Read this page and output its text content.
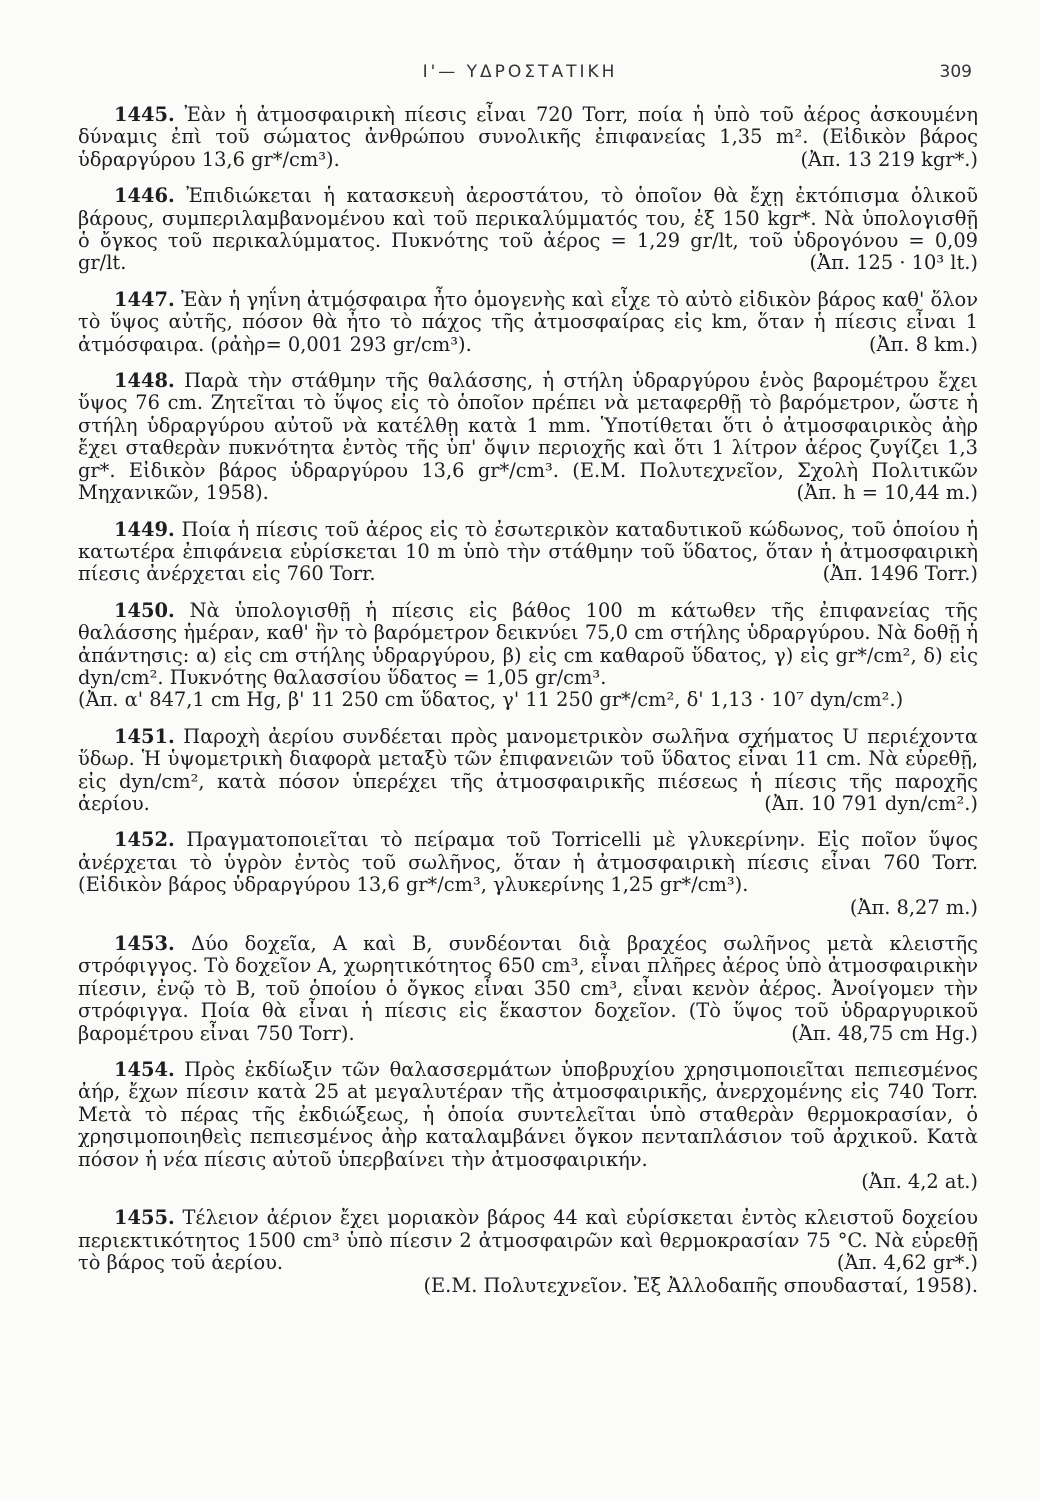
Ι'— ΥΔΡΟΣΤΑΤΙΚΗ	309
1445. Ἐὰν ἡ ἀτμοσφαιρικὴ πίεσις εἶναι 720 Torr, ποία ἡ ὑπὸ τοῦ ἀέρος ἀσκουμένη δύναμις ἐπὶ τοῦ σώματος ἀνθρώπου συνολικῆς ἐπιφανείας 1,35 m². (Εἰδικὸν βάρος ὑδραργύρου 13,6 gr*/cm³).	(Ἀπ. 13 219 kgr*.)
1446. Ἐπιδιώκεται ἡ κατασκευὴ ἀεροστάτου, τὸ ὁποῖον θὰ ἔχῃ ἐκτόπισμα ὁλικοῦ βάρους, συμπεριλαμβανομένου καὶ τοῦ περικαλύμματός του, ἐξ 150 kgr*. Νὰ ὑπολογισθῇ ὁ ὄγκος τοῦ περικαλύμματος. Πυκνότης τοῦ ἀέρος = 1,29 gr/lt, τοῦ ὑδρογόνου = 0,09 gr/lt.	(Ἀπ. 125 · 10³ lt.)
1447. Ἐὰν ἡ γηΐνη ἀτμόσφαιρα ἦτο ὁμογενὴς καὶ εἶχε τὸ αὐτὸ εἰδικὸν βάρος καθ' ὅλον τὸ ὕψος αὐτῆς, πόσον θὰ ἦτο τὸ πάχος τῆς ἀτμοσφαίρας εἰς km, ὅταν ἡ πίεσις εἶναι 1 ἀτμόσφαιρα. (ρἀὴρ= 0,001 293 gr/cm³).	(Ἀπ. 8 km.)
1448. Παρὰ τὴν στάθμην τῆς θαλάσσης, ἡ στήλη ὑδραργύρου ἑνὸς βαρομέτρου ἔχει ὕψος 76 cm. Ζητεῖται τὸ ὕψος εἰς τὸ ὁποῖον πρέπει νὰ μεταφερθῇ τὸ βαρόμετρον, ὥστε ἡ στήλη ὑδραργύρου αὐτοῦ νὰ κατέλθῃ κατὰ 1 mm. Ὑποτίθεται ὅτι ὁ ἀτμοσφαιρικὸς ἀὴρ ἔχει σταθερὰν πυκνότητα ἐντὸς τῆς ὑπ' ὄψιν περιοχῆς καὶ ὅτι 1 λίτρον ἀέρος ζυγίζει 1,3 gr*. Εἰδικὸν βάρος ὑδραργύρου 13,6 gr*/cm³. (Ε.Μ. Πολυτεχνεῖον, Σχολὴ Πολιτικῶν Μηχανικῶν, 1958).	(Ἀπ. h = 10,44 m.)
1449. Ποία ἡ πίεσις τοῦ ἀέρος εἰς τὸ ἐσωτερικὸν καταδυτικοῦ κώδωνος, τοῦ ὁποίου ἡ κατωτέρα ἐπιφάνεια εὑρίσκεται 10 m ὑπὸ τὴν στάθμην τοῦ ὕδατος, ὅταν ἡ ἀτμοσφαιρικὴ πίεσις ἀνέρχεται εἰς 760 Torr.	(Ἀπ. 1496 Torr.)
1450. Νὰ ὑπολογισθῇ ἡ πίεσις εἰς βάθος 100 m κάτωθεν τῆς ἐπιφανείας τῆς θαλάσσης ἡμέραν, καθ' ἣν τὸ βαρόμετρον δεικνύει 75,0 cm στήλης ὑδραργύρου. Νὰ δοθῇ ἡ ἀπάντησις: α) εἰς cm στήλης ὑδραργύρου, β) εἰς cm καθαροῦ ὕδατος, γ) εἰς gr*/cm², δ) εἰς dyn/cm². Πυκνότης θαλασσίου ὕδατος = 1,05 gr/cm³.
(Ἀπ. α' 847,1 cm Hg, β' 11 250 cm ὕδατος, γ' 11 250 gr*/cm², δ' 1,13 · 10⁷ dyn/cm².)
1451. Παροχὴ ἀερίου συνδέεται πρὸς μανομετρικὸν σωλῆνα σχήματος U περιέχοντα ὕδωρ. Ἡ ὑψομετρικὴ διαφορὰ μεταξὺ τῶν ἐπιφανειῶν τοῦ ὕδατος εἶναι 11 cm. Νὰ εὑρεθῇ, εἰς dyn/cm², κατὰ πόσον ὑπερέχει τῆς ἀτμοσφαιρικῆς πιέσεως ἡ πίεσις τῆς παροχῆς ἀερίου.	(Ἀπ. 10 791 dyn/cm².)
1452. Πραγματοποιεῖται τὸ πείραμα τοῦ Torricelli μὲ γλυκερίνην. Εἰς ποῖον ὕψος ἀνέρχεται τὸ ὑγρὸν ἐντὸς τοῦ σωλῆνος, ὅταν ἡ ἀτμοσφαιρικὴ πίεσις εἶναι 760 Torr. (Εἰδικὸν βάρος ὑδραργύρου 13,6 gr*/cm³, γλυκερίνης 1,25 gr*/cm³).
(Ἀπ. 8,27 m.)
1453. Δύο δοχεῖα, Α καὶ Β, συνδέονται διὰ βραχέος σωλῆνος μετὰ κλειστῆς στρόφιγγος. Τὸ δοχεῖον Α, χωρητικότητος 650 cm³, εἶναι πλῆρες ἀέρος ὑπὸ ἀτμοσφαιρικὴν πίεσιν, ἐνῷ τὸ Β, τοῦ ὁποίου ὁ ὄγκος εἶναι 350 cm³, εἶναι κενὸν ἀέρος. Ἀνοίγομεν τὴν στρόφιγγα. Ποία θὰ εἶναι ἡ πίεσις εἰς ἕκαστον δοχεῖον. (Τὸ ὕψος τοῦ ὑδραργυρικοῦ βαρομέτρου εἶναι 750 Torr).	(Ἀπ. 48,75 cm Hg.)
1454. Πρὸς ἐκδίωξιν τῶν θαλασσερμάτων ὑποβρυχίου χρησιμοποιεῖται πεπιεσμένος ἀήρ, ἔχων πίεσιν κατὰ 25 at μεγαλυτέραν τῆς ἀτμοσφαιρικῆς, ἀνερχομένης εἰς 740 Torr. Μετὰ τὸ πέρας τῆς ἐκδιώξεως, ἡ ὁποία συντελεῖται ὑπὸ σταθερὰν θερμοκρασίαν, ὁ χρησιμοποιηθεὶς πεπιεσμένος ἀὴρ καταλαμβάνει ὄγκον πενταπλάσιον τοῦ ἀρχικοῦ. Κατὰ πόσον ἡ νέα πίεσις αὐτοῦ ὑπερβαίνει τὴν ἀτμοσφαιρικήν.
(Ἀπ. 4,2 at.)
1455. Τέλειον ἀέριον ἔχει μοριακὸν βάρος 44 καὶ εὑρίσκεται ἐντὸς κλειστοῦ δοχείου περιεκτικότητος 1500 cm³ ὑπὸ πίεσιν 2 ἀτμοσφαιρῶν καὶ θερμοκρασίαν 75 °C. Νὰ εὑρεθῇ τὸ βάρος τοῦ ἀερίου.	(Ἀπ. 4,62 gr*.)
(Ε.Μ. Πολυτεχνεῖον. Ἐξ Ἀλλοδαπῆς σπουδασταί, 1958).
